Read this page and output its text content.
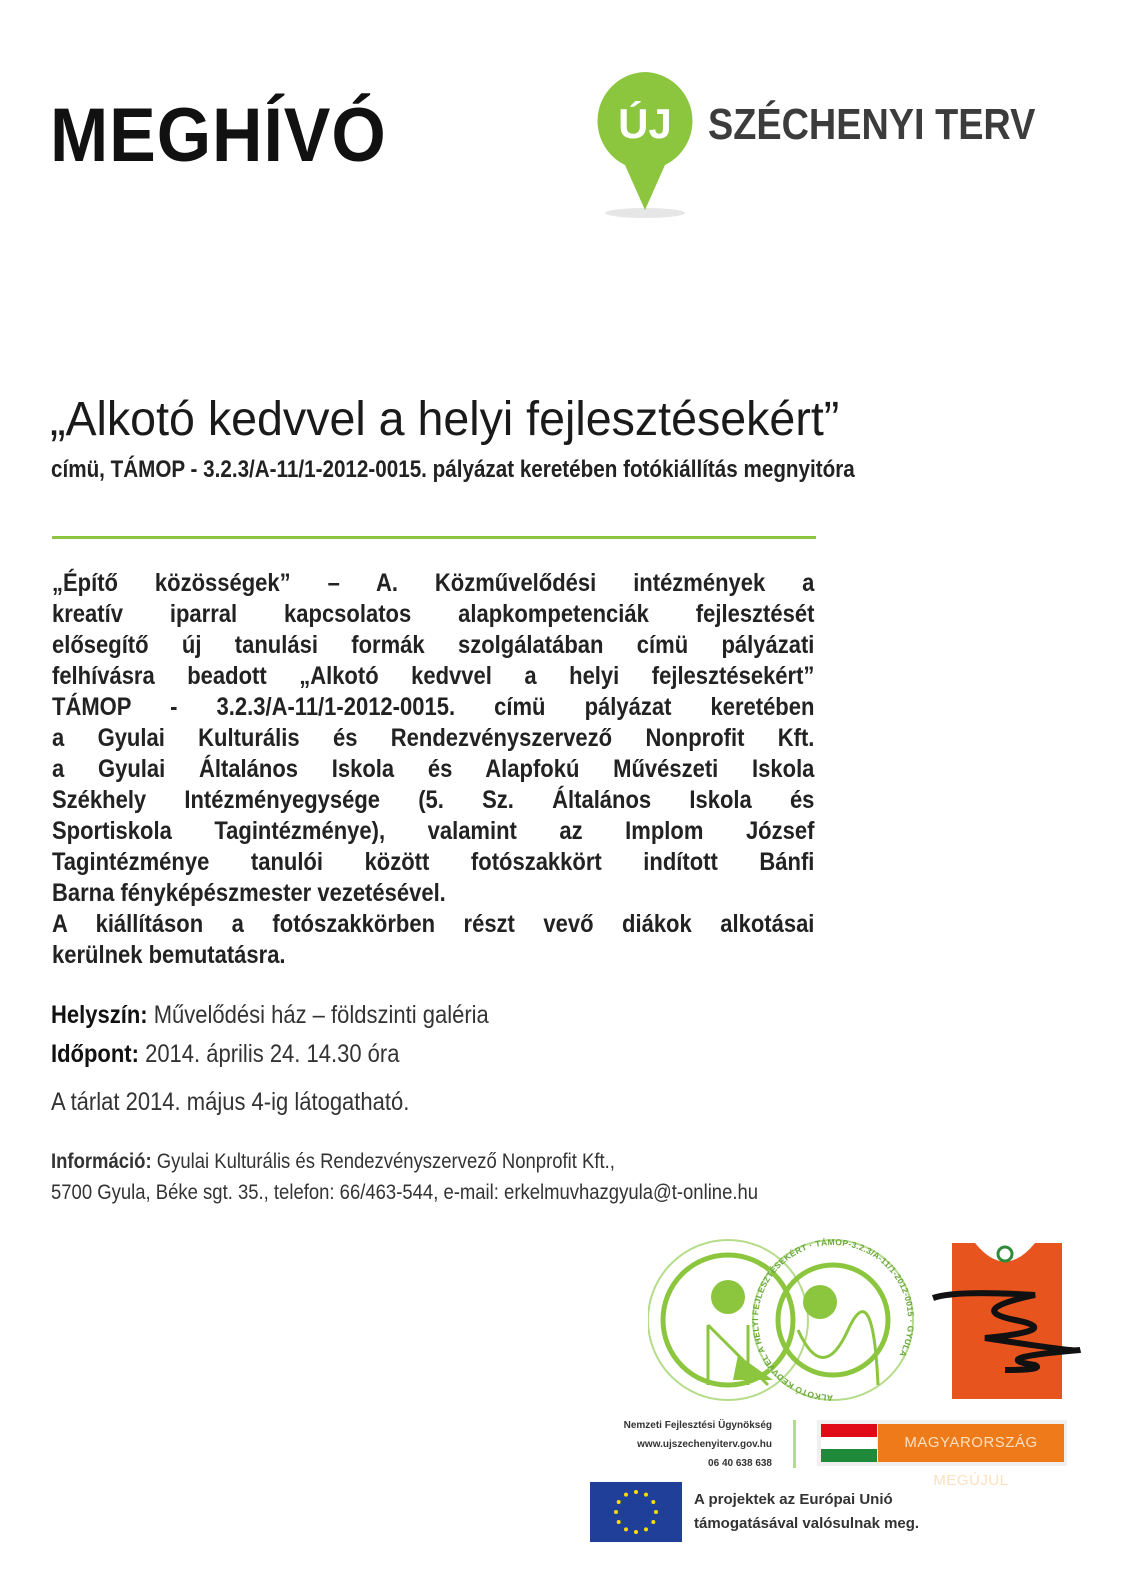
MEGHÍVÓ	ÚJ SZÉCHENYI TERV
„Alkotó kedvvel a helyi fejlesztésekért”
címü, TÁMOP - 3.2.3/A-11/1-2012-0015. pályázat keretében fotókiállítás megnyitóra
„Építő közösségek” – A. Közművelődési intézmények a
kreatív iparral kapcsolatos alapkompetenciák fejlesztését
elősegítő új tanulási formák szolgálatában címü pályázati
felhívásra beadott „Alkotó kedvvel a helyi fejlesztésekért”
TÁMOP - 3.2.3/A-11/1-2012-0015. címü pályázat keretében
a Gyulai Kulturális és Rendezvényszervező Nonprofit Kft.
a Gyulai Általános Iskola és Alapfokú Művészeti Iskola
Székhely Intézményegysége (5. Sz. Általános Iskola és
Sportiskola Tagintézménye), valamint az Implom József
Tagintézménye tanulói között fotószakkört indított Bánfi
Barna fényképészmester vezetésével.
A kiállításon a fotószakkörben részt vevő diákok alkotásai
kerülnek bemutatásra.
Helyszín: Művelődési ház – földszinti galéria
Időpont: 2014. április 24. 14.30 óra
A tárlat 2014. május 4-ig látogatható.
Információ: Gyulai Kulturális és Rendezvényszervező Nonprofit Kft.,
5700 Gyula, Béke sgt. 35., telefon: 66/463-544, e-mail: erkelmuvhazgyula@t-online.hu
ALKOTÓ KEDVVEL A HELYI FEJLESZTÉSEKÉRT · TÁMOP-3.2.3/A-11/1-2012-0015 · GYULA
Nemzeti Fejlesztési Ügynökség
www.ujszechenyiterv.gov.hu
06 40 638 638
MAGYARORSZÁG MEGÚJUL
A projektek az Európai Unió
támogatásával valósulnak meg.
